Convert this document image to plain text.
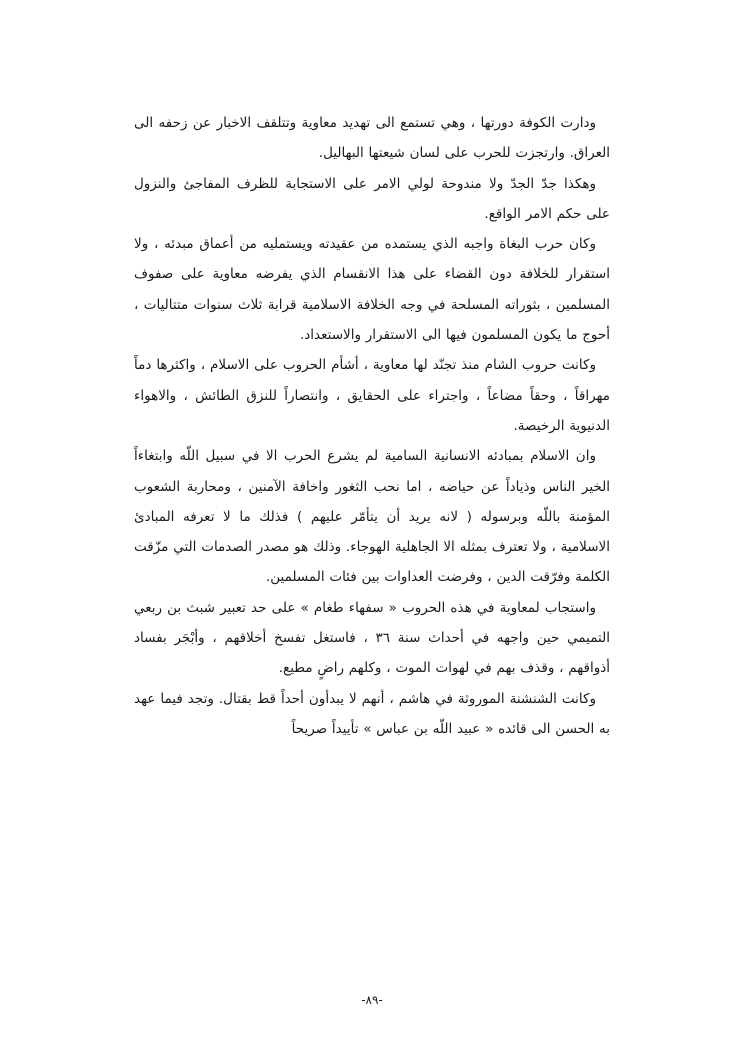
ودارت الكوفة دورتها ، وهي تستمع الى تهديد معاوية وتتلقف الاخبار عن زحفه الى العراق. وارتجزت للحرب على لسان شيعتها البهاليل.

وهكذا جدّ الجدّ ولا مندوحة لولي الامر على الاستجابة للظرف المفاجئ والنزول على حكم الامر الواقع.

وكان حرب البغاة واجبه الذي يستمده من عقيدته ويستمليه من أعماق مبدئه ، ولا استقرار للخلافة دون القضاء على هذا الانقسام الذي يفرضه معاوية على صفوف المسلمين ، بثوراته المسلحة في وجه الخلافة الاسلامية قرابة ثلاث سنوات متتاليات ، أحوج ما يكون المسلمون فيها الى الاستقرار والاستعداد.

وكانت حروب الشام منذ تجنّد لها معاوية ، أشأم الحروب على الاسلام ، واكثرها دماً مهراقاً ، وحقاً مضاعاً ، واجتراء على الحقايق ، وانتصاراً للنزق الطائش ، والاهواء الدنيوية الرخيصة.

وان الاسلام بمبادئه الانسانية السامية لم يشرع الحرب الا في سبيل اللّه وابتغاءاً الخير الناس وذياداً عن حياضه ، اما نحب الثغور واخافة الآمنين ، ومحاربة الشعوب المؤمنة باللّه وبرسوله ( لانه يريد أن يتأمّر عليهم ) فذلك ما لا تعرفه المبادئ الاسلامية ، ولا تعترف بمثله الا الجاهلية الهوجاء. وذلك هو مصدر الصدمات التي مزّقت الكلمة وفرّقت الدين ، وفرضت العداوات بين فئات المسلمين.

واستجاب لمعاوية في هذه الحروب « سفهاء طغام » على حد تعبير شبث بن ربعي التميمي حين واجهه في أحداث سنة ٣٦ ، فاستغل تفسخ أخلاقهم ، وأبْجَر بفساد أذواقهم ، وقذف بهم في لهوات الموت ، وكلهم راضٍ مطيع.

وكانت الشنشنة الموروثة في هاشم ، أنهم لا يبدأون أحداً قط بقتال. وتجد فيما عهد به الحسن الى قائده « عبيد اللّه بن عباس » تأييداً صريحاً

-٨٩-
